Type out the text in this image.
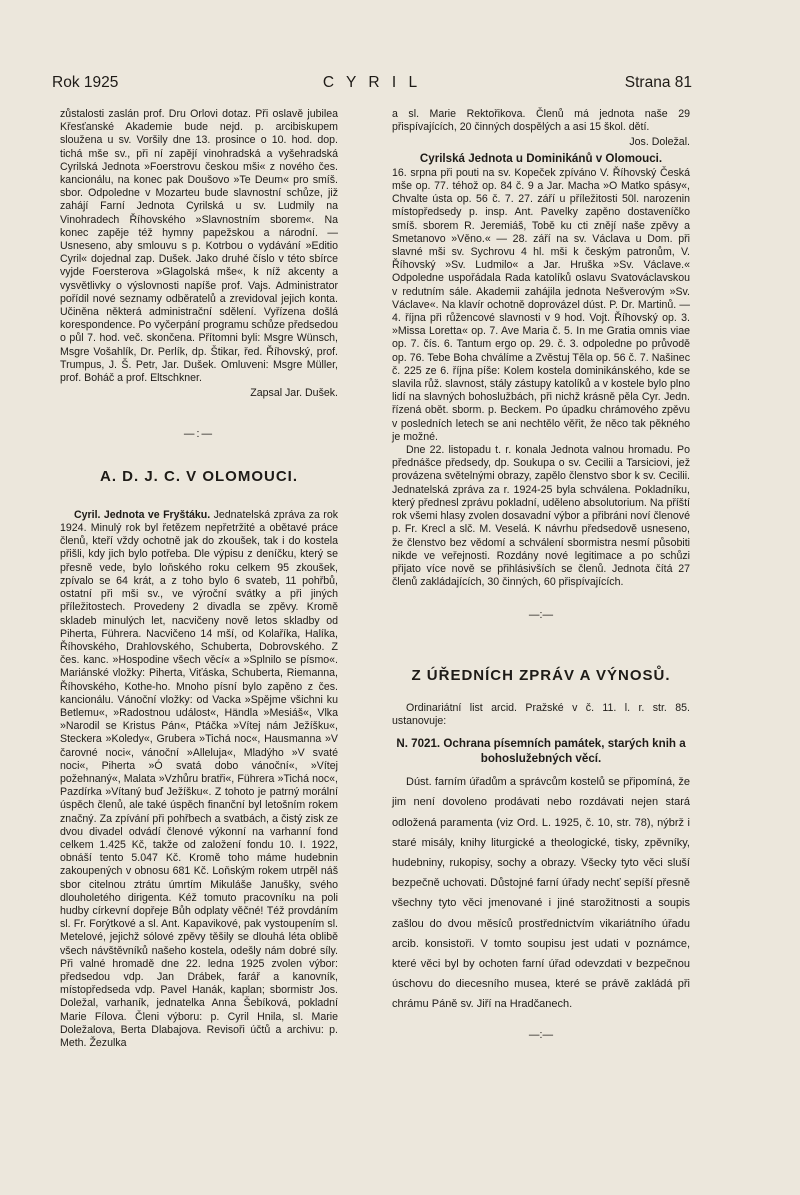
Rok 1925	C Y R I L	Strana 81

zůstalosti zaslán prof. Dru Orlovi dotaz. Při oslavě jubilea Křesťanské Akademie bude nejd. p. arcibiskupem sloužena u sv. Voršily dne 13. prosince o 10. hod. dop. tichá mše sv., při ní zapějí vinohradská a vyšehradská Cyrilská Jednota »Foerstrovu českou mši« z nového čes. kancionálu, na konec pak Doušovo »Te Deum« pro smíš. sbor. Odpoledne v Mozarteu bude slavnostní schůze, již zahájí Farní Jednota Cyrilská u sv. Ludmily na Vinohradech Říhovského »Slavnostním sborem«. Na konec zapěje též hymny papežskou a národní. — Usneseno, aby smlouvu s p. Kotrbou o vydávání »Editio Cyril« dojednal zap. Dušek. Jako druhé číslo v této sbírce vyjde Foersterova »Glagolská mše«, k níž akcenty a vysvětlivky o výslovnosti napíše prof. Vajs. Administrator pořídil nové seznamy odběratelů a zrevidoval jejich konta. Učiněna některá administrační sdělení. Vyřízena došlá korespondence. Po vyčerpání programu schůze předsedou o půl 7. hod. več. skončena. Přítomni byli: Msgre Wünsch, Msgre Vošahlík, Dr. Perlík, dp. Štikar, řed. Říhovský, prof. Trumpus, J. Š. Petr, Jar. Dušek. Omluveni: Msgre Müller, prof. Boháč a prof. Eltschkner.

Zapsal Jar. Dušek.

—:—
A. D. J. C. V OLOMOUCI.

Cyril. Jednota ve Fryštáku. Jednatelská zpráva za rok 1924. Minulý rok byl řetězem nepřetržité a obětavé práce členů, kteří vždy ochotně jak do zkoušek, tak i do kostela přišli, kdy jich bylo potřeba. Dle výpisu z deníčku, který se přesně vede, bylo loňského roku celkem 95 zkoušek, zpívalo se 64 krát, a z toho bylo 6 svateb, 11 pohřbů, ostatní při mši sv., ve výroční svátky a při jiných příležitostech. Provedeny 2 divadla se zpěvy. Kromě skladeb minulých let, nacvičeny nově letos skladby od Piherta, Führera. Nacvičeno 14 mší, od Kolaříka, Halíka, Říhovského, Drahlovského, Schuberta, Dobrovského. Z čes. kanc. »Hospodine všech věcí« a »Splnilo se písmo«. Mariánské vložky: Piherta, Viťáska, Schuberta, Riemanna, Říhovského, Kothe-ho. Mnoho písní bylo zapěno z čes. kancionálu. Vánoční vložky: od Vacka »Spějme všichni ku Betlemu«, »Radostnou událost«, Händla »Mesiáš«, Vlka »Narodil se Kristus Pán«, Ptáčka »Vítej nám Ježíšku«, Steckera »Koledy«, Grubera »Tichá noc«, Hausmanna »V čarovné noci«, vánoční »Alleluja«, Mladýho »V svaté noci«, Piherta »Ó svatá dobo vánoční«, »Vítej požehnaný«, Malata »Vzhůru bratři«, Führera »Tichá noc«, Pazdírka »Vítaný buď Ježíšku«. Z tohoto je patrný morální úspěch členů, ale také úspěch finanční byl letošním rokem značný. Za zpívání při pohřbech a svatbách, a čistý zisk ze dvou divadel odvádí členové výkonní na varhanní fond celkem 1.425 Kč, takže od založení fondu 10. I. 1922, obnáší tento 5.047 Kč. Kromě toho máme hudebnin zakoupených v obnosu 681 Kč. Loňským rokem utrpěl náš sbor citelnou ztrátu úmrtím Mikuláše Janušky, svého dlouholetého dirigenta. Kéž tomuto pracovníku na poli hudby církevní dopřeje Bůh odplaty věčné! Též provdáním sl. Fr. Forýtkové a sl. Ant. Kapavikové, pak vystoupením sl. Metelové, jejichž sólové zpěvy těšily se dlouhá léta oblibě všech návštěvníků našeho kostela, odešly nám dobré síly. Při valné hromadě dne 22. ledna 1925 zvolen výbor: předsedou vdp. Jan Drábek, farář a kanovník, místopředseda vdp. Pavel Hanák, kaplan; sbormistr Jos. Doležal, varhaník, jednatelka Anna Šebíková, pokladní Marie Fílova. Členi výboru: p. Cyril Hnila, sl. Marie Doležalova, Berta Dlabajova. Revisoři účtů a archivu: p. Meth. Žezulka

a sl. Marie Rektořikova. Členů má jednota naše 29 přispívajících, 20 činných dospělých a asi 15 škol. dětí.

Jos. Doležal.

Cyrilská Jednota u Dominikánů v Olomouci.

16. srpna při pouti na sv. Kopeček zpíváno V. Říhovský Česká mše op. 77. téhož op. 84 č. 9 a Jar. Macha »O Matko spásy«, Chvalte ústa op. 56 č. 7. 27. září u příležitosti 50l. narozenin místopředsedy p. insp. Ant. Pavelky zapěno dostaveníčko smíš. sborem R. Jeremiáš, Tobě ku cti znějí naše zpěvy a Smetanovo »Věno.« — 28. září na sv. Václava u Dom. při slavné mši sv. Sychrovu 4 hl. mši k českým patronům, V. Říhovský »Sv. Ludmilo« a Jar. Hruška »Sv. Václave.« Odpoledne uspořádala Rada katolíků oslavu Svatováclavskou v redutním sále. Akademii zahájila jednota Nešverovým »Sv. Václave«. Na klavír ochotně doprovázel dúst. P. Dr. Martinů. — 4. října při růžencové slavnosti v 9 hod. Vojt. Říhovský op. 3. »Missa Loretta« op. 7. Ave Maria č. 5. In me Gratia omnis viae op. 7. čís. 6. Tantum ergo op. 29. č. 3. odpoledne po průvodě op. 76. Tebe Boha chválíme a Zvěstuj Těla op. 56 č. 7. Našinec č. 225 ze 6. října píše: Kolem kostela dominikánského, kde se slavila růž. slavnost, stály zástupy katolíků a v kostele bylo plno lidí na slavných bohoslužbách, při nichž krásně pěla Cyr. Jedn. řízená obět. sborm. p. Beckem. Po úpadku chrámového zpěvu v posledních letech se ani nechtělo věřit, že něco tak pěkného je možné.

Dne 22. listopadu t. r. konala Jednota valnou hromadu. Po přednášce předsedy, dp. Soukupa o sv. Cecilii a Tarsiciovi, jež provázena světelnými obrazy, zapělo členstvo sbor k sv. Cecilii. Jednatelská zpráva za r. 1924-25 byla schválena. Pokladníku, který přednesl zprávu pokladní, uděleno absolutorium. Na příští rok všemi hlasy zvolen dosavadní výbor a přibráni noví členové p. Fr. Krecl a slč. M. Veselá. K návrhu předsedově usneseno, že členstvo bez vědomí a schválení sbormistra nesmí působiti nikde ve veřejnosti. Rozdány nové legitimace a po schůzi přijato více nově se přihlásivších se členů. Jednota čítá 27 členů zakládajících, 30 činných, 60 přispívajících.

—:—
Z ÚŘEDNÍCH ZPRÁV A VÝNOSŮ.

Ordinariátní list arcid. Pražské v č. 11. l. r. str. 85. ustanovuje:

N. 7021. Ochrana písemních památek, starých knih a bohoslužebných věcí.

Dúst. farním úřadům a správcům kostelů se připomíná, že jim není dovoleno prodávati nebo rozdávati nejen stará odložená paramenta (viz Ord. L. 1925, č. 10, str. 78), nýbrž i staré misály, knihy liturgické a theologické, tisky, zpěvníky, hudebniny, rukopisy, sochy a obrazy. Všecky tyto věci sluší bezpečně uchovati. Důstojné farní úřady nechť sepíší přesně všechny tyto věci jmenované i jiné starožitnosti a soupis zašlou do dvou měsíců prostřednictvím vikariátního úřadu arcib. konsistoři. V tomto soupisu jest udati v poznámce, které věci byl by ochoten farní úřad odevzdati v bezpečnou úschovu do diecesního musea, které se právě zakládá při chrámu Páně sv. Jiří na Hradčanech.

—:—
